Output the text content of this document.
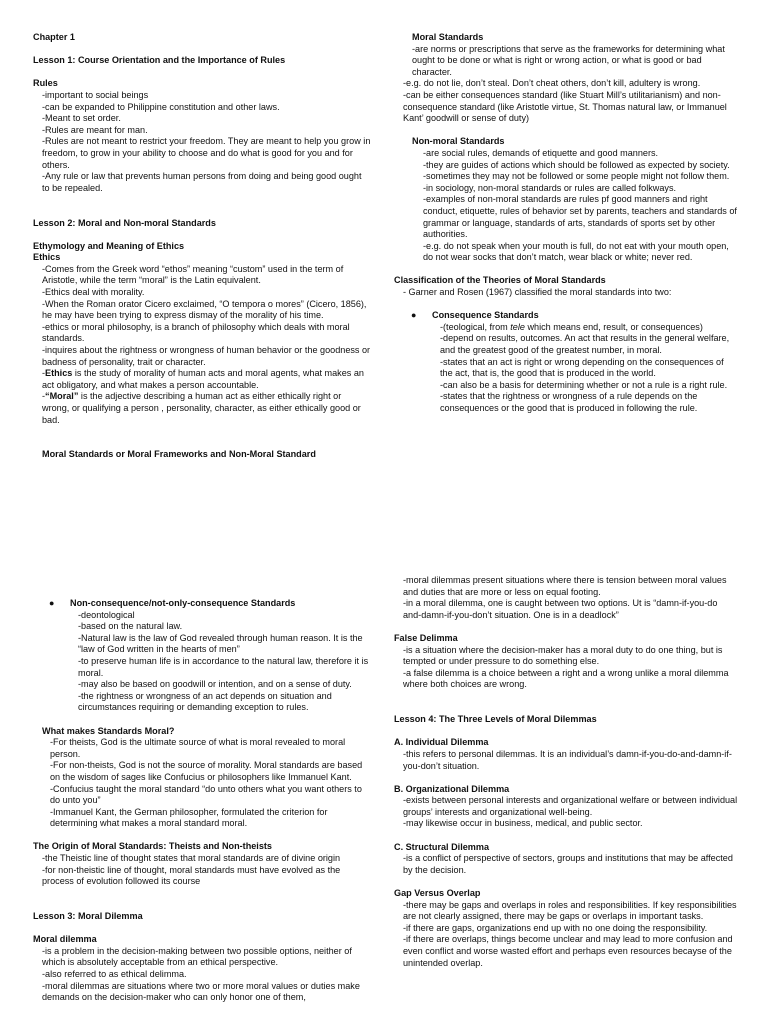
Chapter 1

Lesson 1: Course Orientation and the Importance of Rules

Rules

-important to social beings

-can be expanded to Philippine constitution and other laws.

-Meant to set order.

-Rules are meant for man.

-Rules are not meant to restrict your freedom. They are meant to help you grow in freedom, to grow in your ability to choose and do what is good for you and for others.

-Any rule or law that prevents human persons from doing and being good ought to be repealed.

Lesson 2: Moral and Non-moral Standards

Ethymology and Meaning of Ethics

Ethics

-Comes from the Greek word “ethos” meaning “custom” used in the term of Aristotle, while the term “moral” is the Latin equivalent.

-Ethics deal with morality.

-When the Roman orator Cicero exclaimed, “O tempora o mores” (Cicero, 1856), he may have been trying to express dismay of the morality of his time.

-ethics or moral philosophy, is a branch of philosophy which deals with moral standards.

-inquires about the rightness or wrongness of human behavior or the goodness or badness of personality, trait or character.

-Ethics is the study of morality of human acts and moral agents, what makes an act obligatory, and what makes a person accountable.

-“Moral” is the adjective describing a human act as either ethically right or wrong, or qualifying a person , personality, character, as either ethically good or bad.

Moral Standards or Moral Frameworks and Non-Moral Standard

Moral Standards

-are norms or prescriptions that serve as the frameworks for determining what ought to be done or what is right or wrong action, or what is good or bad character.

-e.g. do not lie, don’t steal. Don’t cheat others, don’t kill, adultery is wrong.

-can be either consequences standard (like Stuart Mill’s utilitarianism) and non-consequence standard (like Aristotle virtue, St. Thomas natural law, or Immanuel Kant’ goodwill or sense of duty)

Non-moral Standards

-are social rules, demands of etiquette and good manners.

-they are guides of actions which should be followed as expected by society.

-sometimes they may not be followed or some people might not follow them.

-in sociology, non-moral standards or rules are called folkways.

-examples of non-moral standards are rules pf good manners and right conduct, etiquette, rules of behavior set by parents, teachers and standards of grammar or language, standards of arts, standards of sports set by other authorities.

-e.g. do not speak when your mouth is full, do not eat with your mouth open, do not wear socks that don’t match, wear black or white; never red.

Classification of the Theories of Moral Standards

- Garner and Rosen (1967) classified the moral standards into two:

● Consequence Standards

-(teological, from tele which means end, result, or consequences)

-depend on results, outcomes. An act that results in the general welfare, and the greatest good of the greatest number, in moral.

-states that an act is right or wrong depending on the consequences of the act, that is, the good that is produced in the world.

-can also be a basis for determining whether or not a rule is a right rule.

-states that the rightness or wrongness of a rule depends on the consequences or the good that is produced in following the rule.

● Non-consequence/not-only-consequence Standards

-deontological

-based on the natural law.

-Natural law is the law of God revealed through human reason. It is the “law of God written in the hearts of men”

-to preserve human life is in accordance to the natural law, therefore it is moral.

-may also be based on goodwill or intention, and on a sense of duty.

-the rightness or wrongness of an act depends on situation and circumstances requiring or demanding exception to rules.

What makes Standards Moral?

-For theists, God is the ultimate source of what is moral revealed to moral person.

-For non-theists, God is not the source of morality. Moral standards are based on the wisdom of sages like Confucius or philosophers like Immanuel Kant.

-Confucius taught the moral standard “do unto others what you want others to do unto you”

-Immanuel Kant, the German philosopher, formulated the criterion for determining what makes a moral standard moral.

The Origin of Moral Standards: Theists and Non-theists

-the Theistic line of thought states that moral standards are of divine origin

-for non-theistic line of thought, moral standards must have evolved as the process of evolution followed its course

Lesson 3: Moral Dilemma

Moral dilemma

-is a problem in the decision-making between two possible options, neither of which is absolutely acceptable from an ethical perspective.

-also referred to as ethical delimma.

-moral dilemmas are situations where two or more moral values or duties make demands on the decision-maker who can only honor one of them,

-moral dilemmas present situations where there is tension between moral values and duties that are more or less on equal footing.

-in a moral dilemma, one is caught between two options. Ut is “damn-if-you-do and-damn-if-you-don’t situation. One is in a deadlock”

False Delimma

-is a situation where the decision-maker has a moral duty to do one thing, but is tempted or under pressure to do something else.

-a false dilemma is a choice between a right and a wrong unlike a moral dilemma where both choices are wrong.

Lesson 4: The Three Levels of Moral Dilemmas

A. Individual Dilemma

-this refers to personal dilemmas. It is an individual’s damn-if-you-do-and-damn-if-you-don’t situation.

B. Organizational Dilemma

-exists between personal interests and organizational welfare or between individual groups’ interests and organizational well-being.

-may likewise occur in business, medical, and public sector.

C. Structural Dilemma

-is a conflict of perspective of sectors, groups and institutions that may be affected by the decision.

Gap Versus Overlap

-there may be gaps and overlaps in roles and responsibilities. If key responsibilities are not clearly assigned, there may be gaps or overlaps in important tasks.

-if there are gaps, organizations end up with no one doing the responsibility.

-if there are overlaps, things become unclear and may lead to more confusion and even conflict and worse wasted effort and perhaps even resources becayse of the unintended overlap.
